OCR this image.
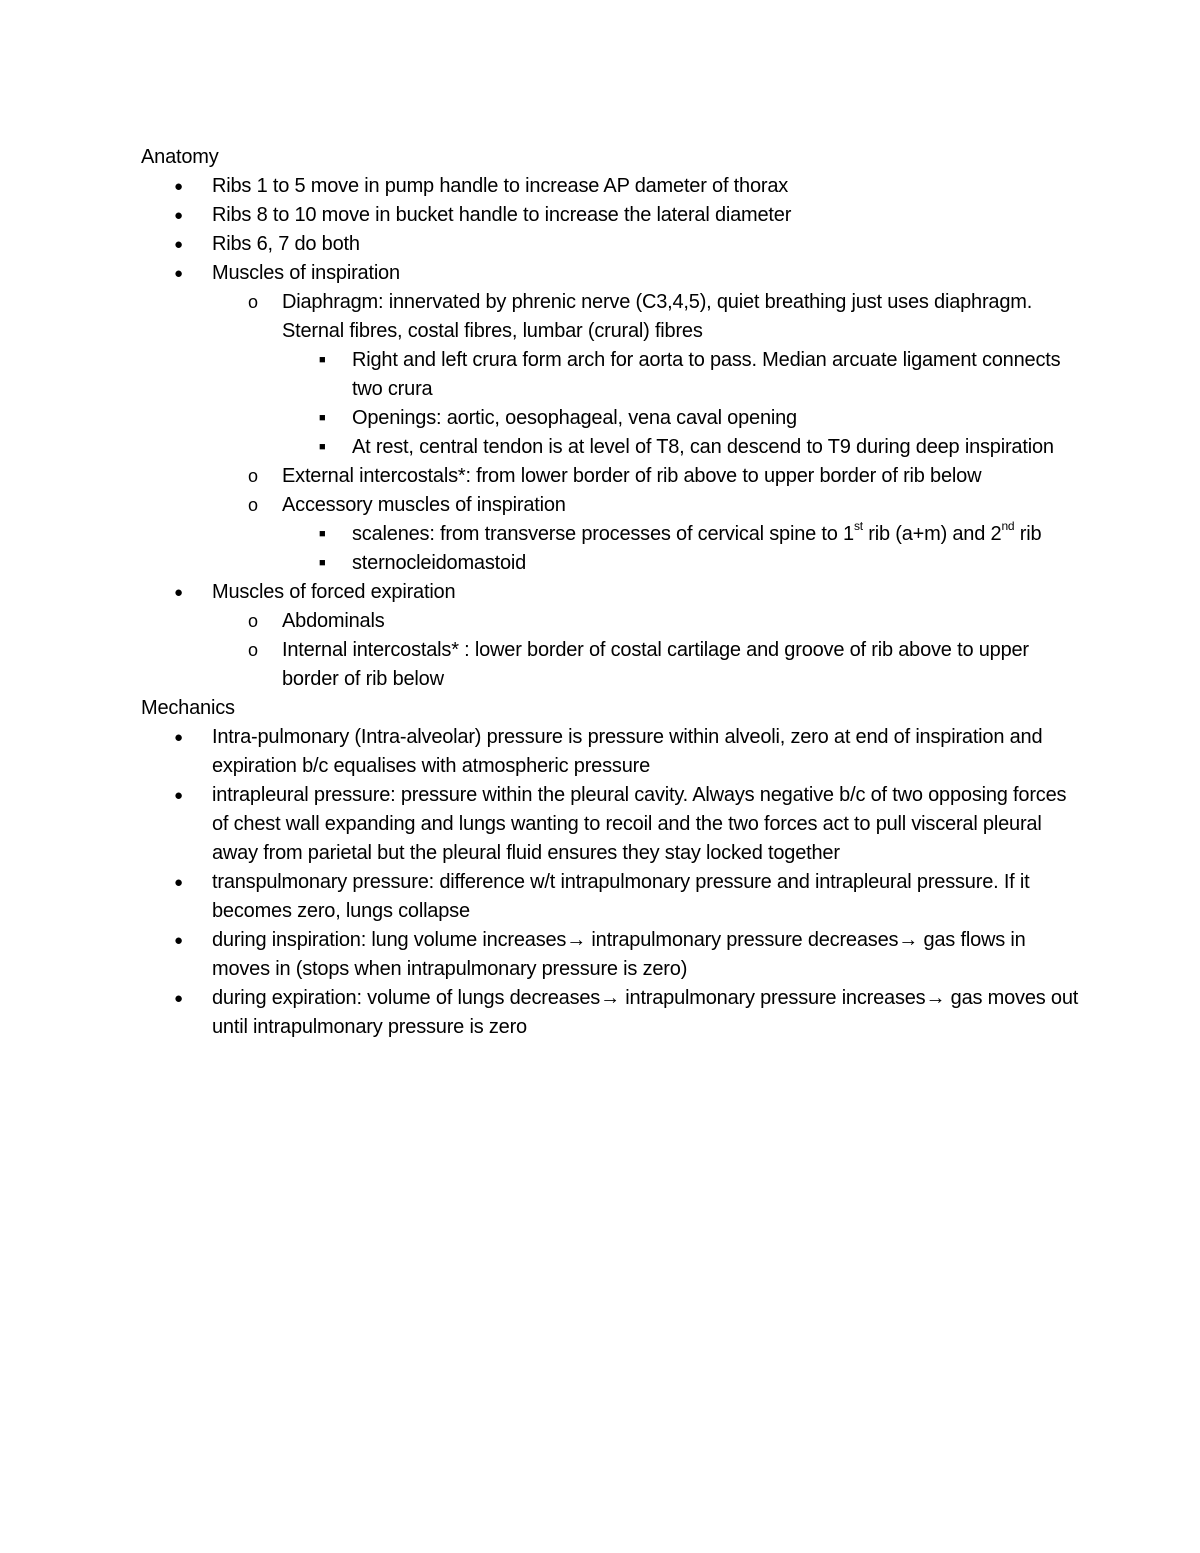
Anatomy
● Ribs 1 to 5 move in pump handle to increase AP dameter of thorax
● Ribs 8 to 10 move in bucket handle to increase the lateral diameter
● Ribs 6, 7 do both
● Muscles of inspiration
o Diaphragm: innervated by phrenic nerve (C3,4,5), quiet breathing just uses diaphragm. Sternal fibres, costal fibres, lumbar (crural) fibres
■ Right and left crura form arch for aorta to pass. Median arcuate ligament connects two crura
■ Openings: aortic, oesophageal, vena caval opening
■ At rest, central tendon is at level of T8, can descend to T9 during deep inspiration
o External intercostals*: from lower border of rib above to upper border of rib below
o Accessory muscles of inspiration
■ scalenes: from transverse processes of cervical spine to 1st rib (a+m) and 2nd rib
■ sternocleidomastoid
● Muscles of forced expiration
o Abdominals
o Internal intercostals* : lower border of costal cartilage and groove of rib above to upper border of rib below
Mechanics
● Intra-pulmonary (Intra-alveolar) pressure is pressure within alveoli, zero at end of inspiration and expiration b/c equalises with atmospheric pressure
● intrapleural pressure: pressure within the pleural cavity. Always negative b/c of two opposing forces of chest wall expanding and lungs wanting to recoil and the two forces act to pull visceral pleural away from parietal but the pleural fluid ensures they stay locked together
● transpulmonary pressure: difference w/t intrapulmonary pressure and intrapleural pressure. If it becomes zero, lungs collapse
● during inspiration: lung volume increases→ intrapulmonary pressure decreases→ gas flows in moves in (stops when intrapulmonary pressure is zero)
● during expiration: volume of lungs decreases→ intrapulmonary pressure increases→ gas moves out until intrapulmonary pressure is zero
